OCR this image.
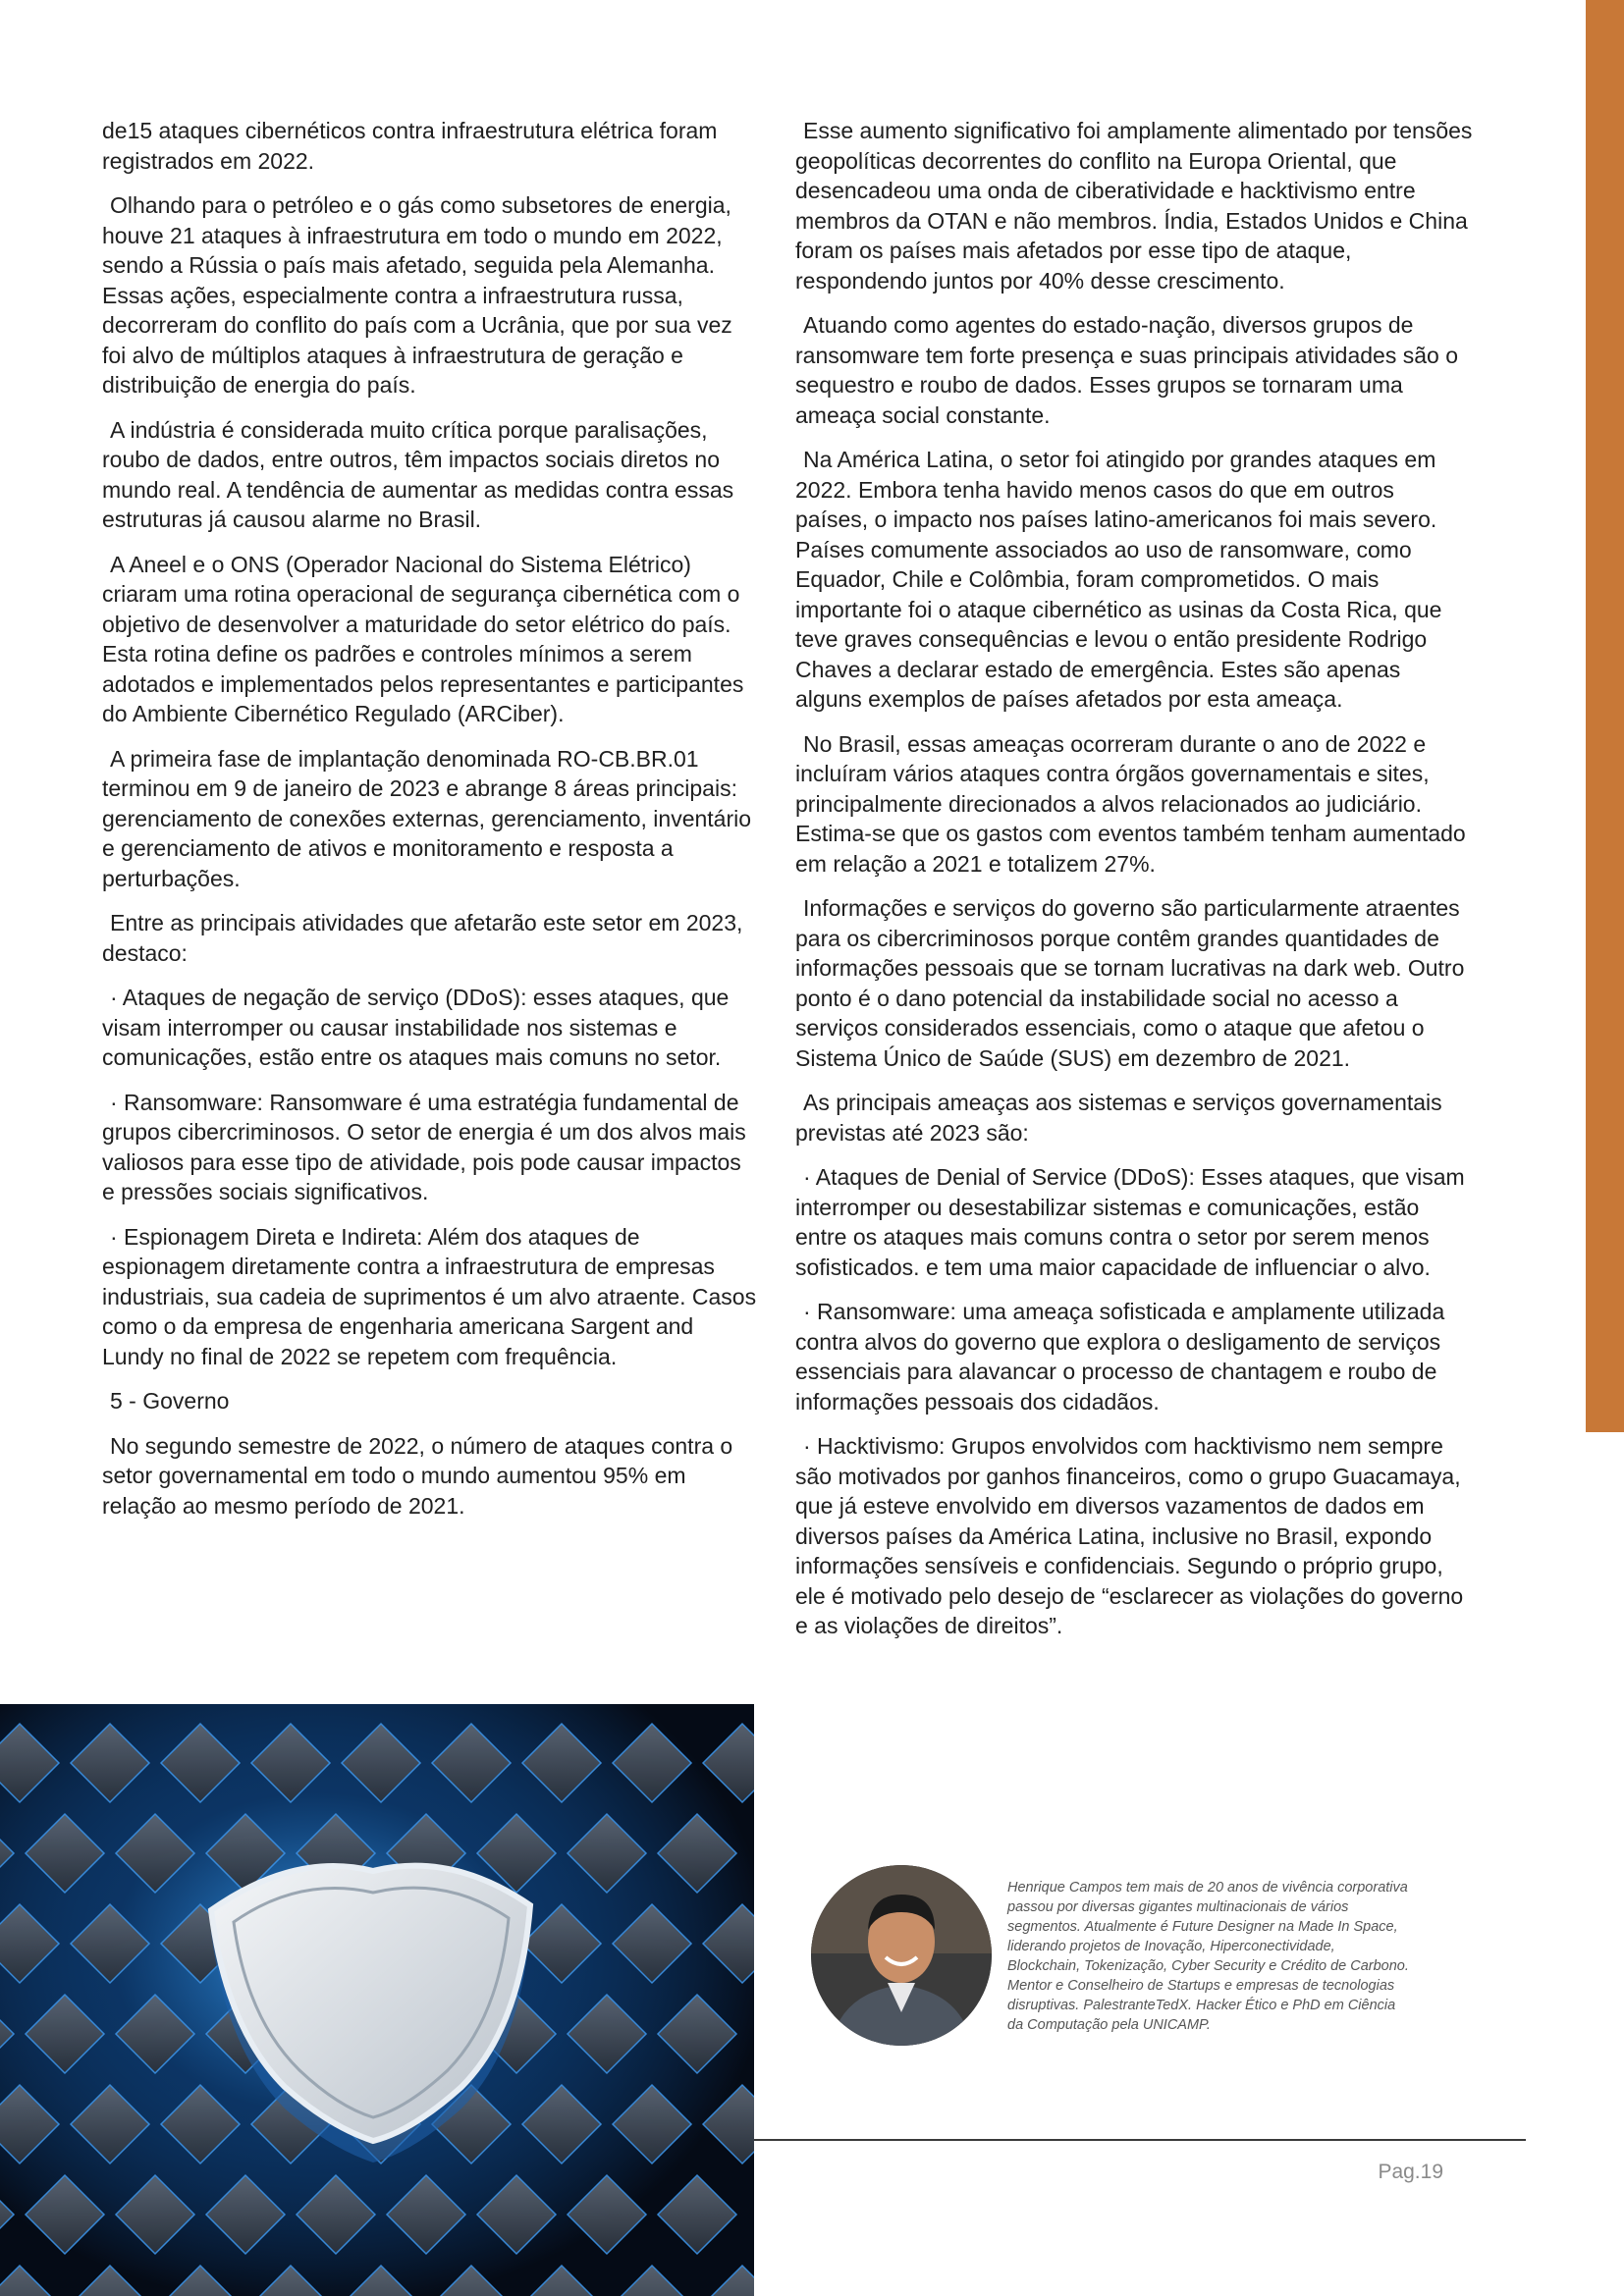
de15 ataques cibernéticos contra infraestrutura elétrica foram registrados em 2022.

Olhando para o petróleo e o gás como subsetores de energia, houve 21 ataques à infraestrutura em todo o mundo em 2022, sendo a Rússia o país mais afetado, seguida pela Alemanha. Essas ações, especialmente contra a infraestrutura russa, decorreram do conflito do país com a Ucrânia, que por sua vez foi alvo de múltiplos ataques à infraestrutura de geração e distribuição de energia do país.

A indústria é considerada muito crítica porque paralisações, roubo de dados, entre outros, têm impactos sociais diretos no mundo real. A tendência de aumentar as medidas contra essas estruturas já causou alarme no Brasil.

A Aneel e o ONS (Operador Nacional do Sistema Elétrico) criaram uma rotina operacional de segurança cibernética com o objetivo de desenvolver a maturidade do setor elétrico do país. Esta rotina define os padrões e controles mínimos a serem adotados e implementados pelos representantes e participantes do Ambiente Cibernético Regulado (ARCiber).

A primeira fase de implantação denominada RO-CB.BR.01 terminou em 9 de janeiro de 2023 e abrange 8 áreas principais: gerenciamento de conexões externas, gerenciamento, inventário e gerenciamento de ativos e monitoramento e resposta a perturbações.

Entre as principais atividades que afetarão este setor em 2023, destaco:

· Ataques de negação de serviço (DDoS): esses ataques, que visam interromper ou causar instabilidade nos sistemas e comunicações, estão entre os ataques mais comuns no setor.

· Ransomware: Ransomware é uma estratégia fundamental de grupos cibercriminosos. O setor de energia é um dos alvos mais valiosos para esse tipo de atividade, pois pode causar impactos e pressões sociais significativos.

· Espionagem Direta e Indireta: Além dos ataques de espionagem diretamente contra a infraestrutura de empresas industriais, sua cadeia de suprimentos é um alvo atraente. Casos como o da empresa de engenharia americana Sargent and Lundy no final de 2022 se repetem com frequência.

5 - Governo

No segundo semestre de 2022, o número de ataques contra o setor governamental em todo o mundo aumentou 95% em relação ao mesmo período de 2021.

Esse aumento significativo foi amplamente alimentado por tensões geopolíticas decorrentes do conflito na Europa Oriental, que desencadeou uma onda de ciberatividade e hacktivismo entre membros da OTAN e não membros. Índia, Estados Unidos e China foram os países mais afetados por esse tipo de ataque, respondendo juntos por 40% desse crescimento.

Atuando como agentes do estado-nação, diversos grupos de ransomware tem forte presença e suas principais atividades são o sequestro e roubo de dados. Esses grupos se tornaram uma ameaça social constante.

Na América Latina, o setor foi atingido por grandes ataques em 2022. Embora tenha havido menos casos do que em outros países, o impacto nos países latino-americanos foi mais severo. Países comumente associados ao uso de ransomware, como Equador, Chile e Colômbia, foram comprometidos. O mais importante foi o ataque cibernético as usinas da Costa Rica, que teve graves consequências e levou o então presidente Rodrigo Chaves a declarar estado de emergência. Estes são apenas alguns exemplos de países afetados por esta ameaça.

No Brasil, essas ameaças ocorreram durante o ano de 2022 e incluíram vários ataques contra órgãos governamentais e sites, principalmente direcionados a alvos relacionados ao judiciário. Estima-se que os gastos com eventos também tenham aumentado em relação a 2021 e totalizem 27%.

Informações e serviços do governo são particularmente atraentes para os cibercriminosos porque contêm grandes quantidades de informações pessoais que se tornam lucrativas na dark web. Outro ponto é o dano potencial da instabilidade social no acesso a serviços considerados essenciais, como o ataque que afetou o Sistema Único de Saúde (SUS) em dezembro de 2021.

As principais ameaças aos sistemas e serviços governamentais previstas até 2023 são:

· Ataques de Denial of Service (DDoS): Esses ataques, que visam interromper ou desestabilizar sistemas e comunicações, estão entre os ataques mais comuns contra o setor por serem menos sofisticados. e tem uma maior capacidade de influenciar o alvo.

· Ransomware: uma ameaça sofisticada e amplamente utilizada contra alvos do governo que explora o desligamento de serviços essenciais para alavancar o processo de chantagem e roubo de informações pessoais dos cidadãos.

· Hacktivismo: Grupos envolvidos com hacktivismo nem sempre são motivados por ganhos financeiros, como o grupo Guacamaya, que já esteve envolvido em diversos vazamentos de dados em diversos países da América Latina, inclusive no Brasil, expondo informações sensíveis e confidenciais. Segundo o próprio grupo, ele é motivado pelo desejo de “esclarecer as violações do governo e as violações de direitos”.

Henrique Campos tem mais de 20 anos de vivência corporativa passou por diversas gigantes multinacionais de vários segmentos. Atualmente é Future Designer na Made In Space, liderando projetos de Inovação, Hiperconectividade, Blockchain, Tokenização, Cyber Security e Crédito de Carbono. Mentor e Conselheiro de Startups e empresas de tecnologias disruptivas. PalestranteTedX. Hacker Ético e PhD em Ciência da Computação pela UNICAMP.
Pag.19
